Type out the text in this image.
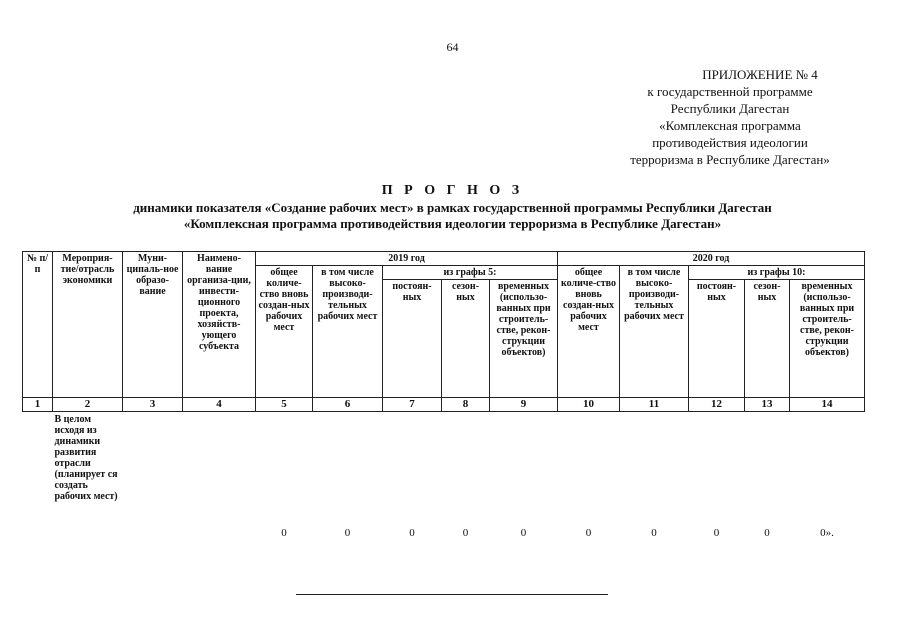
64
ПРИЛОЖЕНИЕ № 4
к государственной программе
Республики Дагестан
«Комплексная программа
противодействия идеологии
терроризма в Республике Дагестан»
П Р О Г Н О З
динамики показателя «Создание рабочих мест» в рамках государственной программы Республики Дагестан
«Комплексная программа противодействия идеологии терроризма в Республике Дагестан»
№ п/п	Мероприя-тие/отрасль экономики	Муни-ципаль-ное образо-вание	Наимено-вание организа-ции, инвести-ционного проекта, хозяйств-ующего субъекта	2019 год					2020 год				
				общее количе-ство вновь создан-ных рабочих мест	в том числе высоко-производи-тельных рабочих мест	из графы 5:			общее количе-ство вновь создан-ных рабочих мест	в том числе высоко-производи-тельных рабочих мест	из графы 10:		
						постоян-ных	сезон-ных	временных (использо-ванных при строитель-стве, рекон-струкции объектов)			постоян-ных	сезон-ных	временных (использо-ванных при строитель-стве, рекон-струкции объектов)
1	2	3	4	5	6	7	8	9	10	11	12	13	14
	В целом исходя из динамики развития отрасли (планирует ся создать рабочих мест)			0	0	0	0	0	0	0	0	0	0».
